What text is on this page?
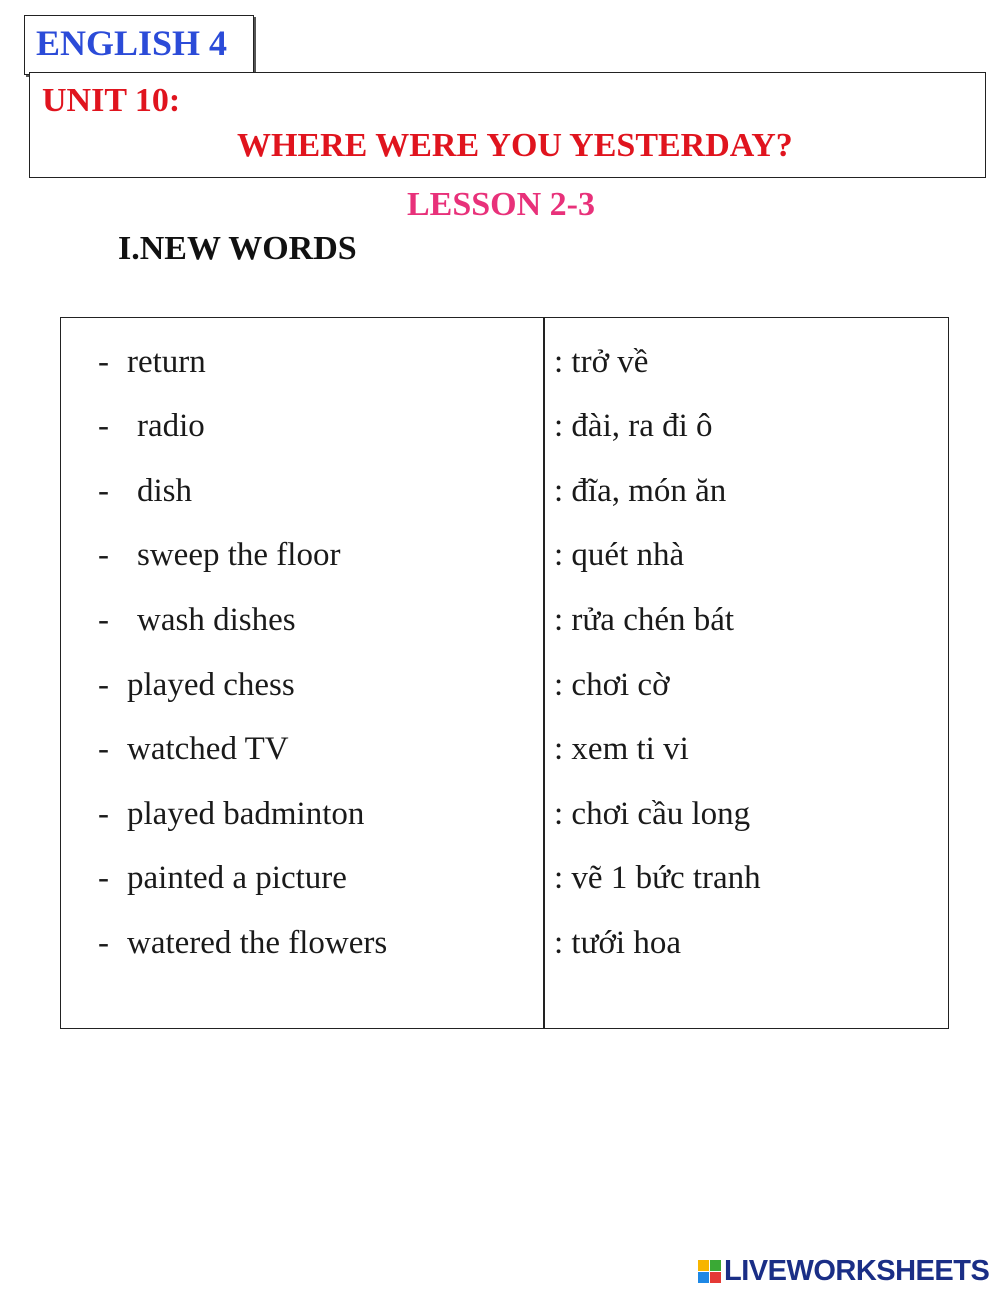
ENGLISH 4
UNIT 10:
WHERE WERE YOU YESTERDAY?
LESSON 2-3
I.NEW WORDS
- return	: trở về
- radio	: đài, ra đi ô
- dish	: đĩa, món ăn
- sweep the floor	: quét nhà
- wash dishes	: rửa chén bát
- played chess	: chơi cờ
- watched TV	: xem ti vi
- played badminton	: chơi cầu long
- painted a picture	: vẽ 1 bức tranh
- watered the flowers	: tưới hoa
LIVEWORKSHEETS
